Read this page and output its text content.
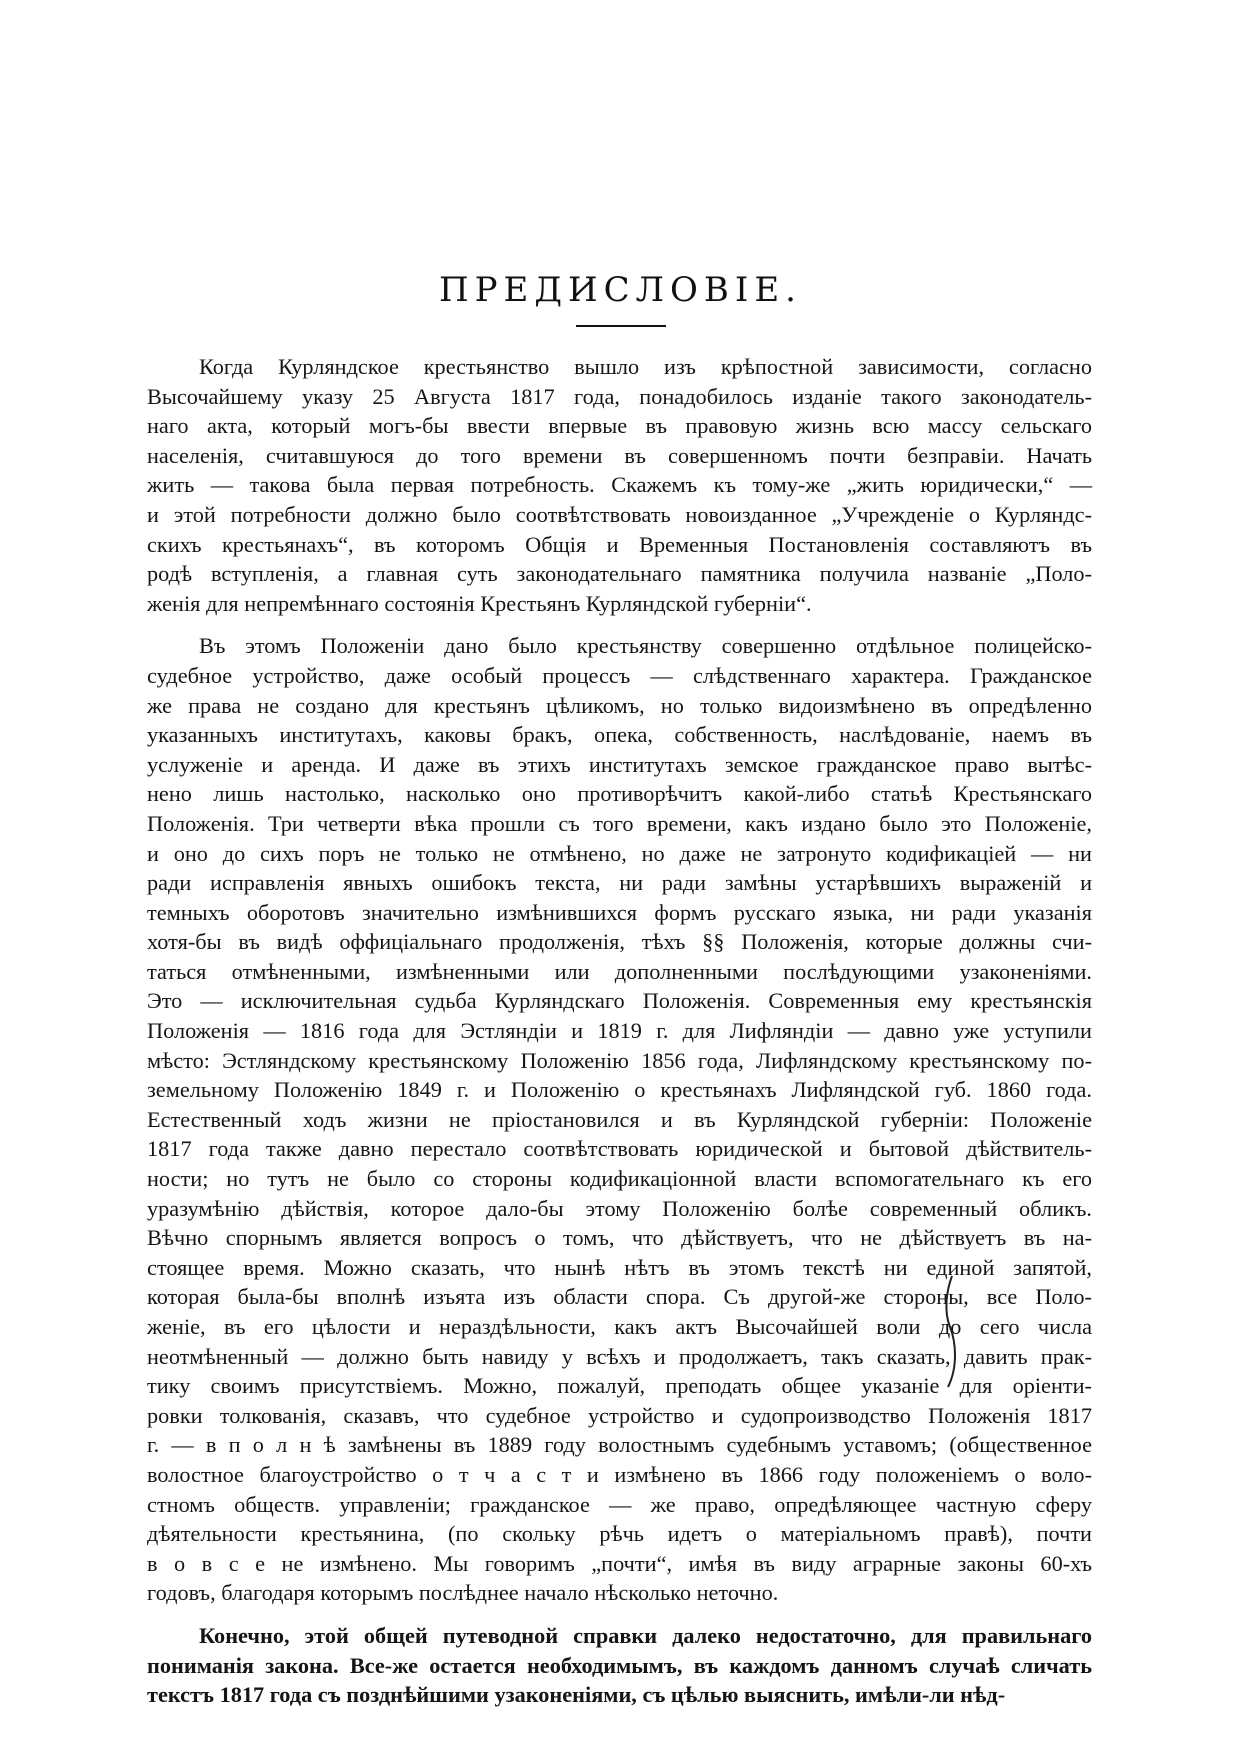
ПРЕДИСЛОВІЕ.
Когда Курляндское крестьянство вышло изъ крѣпостной зависимости, согласно
Высочайшему указу 25 Августа 1817 года, понадобилось изданіе такого законодатель-
наго акта, который могъ-бы ввести впервые въ правовую жизнь всю массу сельскаго
населенія, считавшуюся до того времени въ совершенномъ почти безправіи. Начать
жить — такова была первая потребность. Скажемъ къ тому-же „жить юридически,“ —
и этой потребности должно было соотвѣтствовать новоизданное „Учрежденіе о Курляндс-
скихъ крестьянахъ“, въ которомъ Общія и Временныя Постановленія составляютъ въ
родѣ вступленія, а главная суть законодательнаго памятника получила названіе „Поло-
женія для непремѣннаго состоянія Крестьянъ Курляндской губерніи“.
Въ этомъ Положеніи дано было крестьянству совершенно отдѣльное полицейско-
судебное устройство, даже особый процессъ — слѣдственнаго характера. Гражданское
же права не создано для крестьянъ цѣликомъ, но только видоизмѣнено въ опредѣленно
указанныхъ институтахъ, каковы бракъ, опека, собственность, наслѣдованіе, наемъ въ
услуженіе и аренда. И даже въ этихъ институтахъ земское гражданское право вытѣс-
нено лишь настолько, насколько оно противорѣчитъ какой-либо статьѣ Крестьянскаго
Положенія. Три четверти вѣка прошли съ того времени, какъ издано было это Положеніе,
и оно до сихъ поръ не только не отмѣнено, но даже не затронуто кодификаціей — ни
ради исправленія явныхъ ошибокъ текста, ни ради замѣны устарѣвшихъ выраженій и
темныхъ оборотовъ значительно измѣнившихся формъ русскаго языка, ни ради указанія
хотя-бы въ видѣ оффиціальнаго продолженія, тѣхъ §§ Положенія, которые должны счи-
таться отмѣненными, измѣненными или дополненными послѣдующими узаконеніями.
Это — исключительная судьба Курляндскаго Положенія. Современныя ему крестьянскія
Положенія — 1816 года для Эстляндіи и 1819 г. для Лифляндіи — давно уже уступили
мѣсто: Эстляндскому крестьянскому Положенію 1856 года, Лифляндскому крестьянскому по-
земельному Положенію 1849 г. и Положенію о крестьянахъ Лифляндской губ. 1860 года.
Естественный ходъ жизни не пріостановился и въ Курляндской губерніи: Положеніе
1817 года также давно перестало соотвѣтствовать юридической и бытовой дѣйствитель-
ности; но тутъ не было со стороны кодификаціонной власти вспомогательнаго къ его
уразумѣнію дѣйствія, которое дало-бы этому Положенію болѣе современный обликъ.
Вѣчно спорнымъ является вопросъ о томъ, что дѣйствуетъ, что не дѣйствуетъ въ на-
стоящее время. Можно сказать, что нынѣ нѣтъ въ этомъ текстѣ ни единой запятой,
которая была-бы вполнѣ изъята изъ области спора. Съ другой-же стороны, все Поло-
женіе, въ его цѣлости и нераздѣльности, какъ актъ Высочайшей воли до сего числа
неотмѣненный — должно быть навиду у всѣхъ и продолжаетъ, такъ сказать, давить прак-
тику своимъ присутствіемъ. Можно, пожалуй, преподать общее указаніе для оріенти-
ровки толкованія, сказавъ, что судебное устройство и судопроизводство Положенія 1817
г. — в п о л н ѣ замѣнены въ 1889 году волостнымъ судебнымъ уставомъ; (общественное
волостное благоустройство о т ч а с т и измѣнено въ 1866 году положеніемъ о воло-
стномъ обществ. управленіи; гражданское — же право, опредѣляющее частную сферу
дѣятельности крестьянина, (по скольку рѣчь идетъ о матеріальномъ правѣ), почти
в о в с е не измѣнено. Мы говоримъ „почти“, имѣя въ виду аграрные законы 60-хъ
годовъ, благодаря которымъ послѣднее начало нѣсколько неточно.
Конечно, этой общей путеводной справки далеко недостаточно, для правильнаго
пониманія закона. Все-же остается необходимымъ, въ каждомъ данномъ случаѣ сличать
текстъ 1817 года съ позднѣйшими узаконеніями, съ цѣлью выяснить, имѣли-ли нѣд-
